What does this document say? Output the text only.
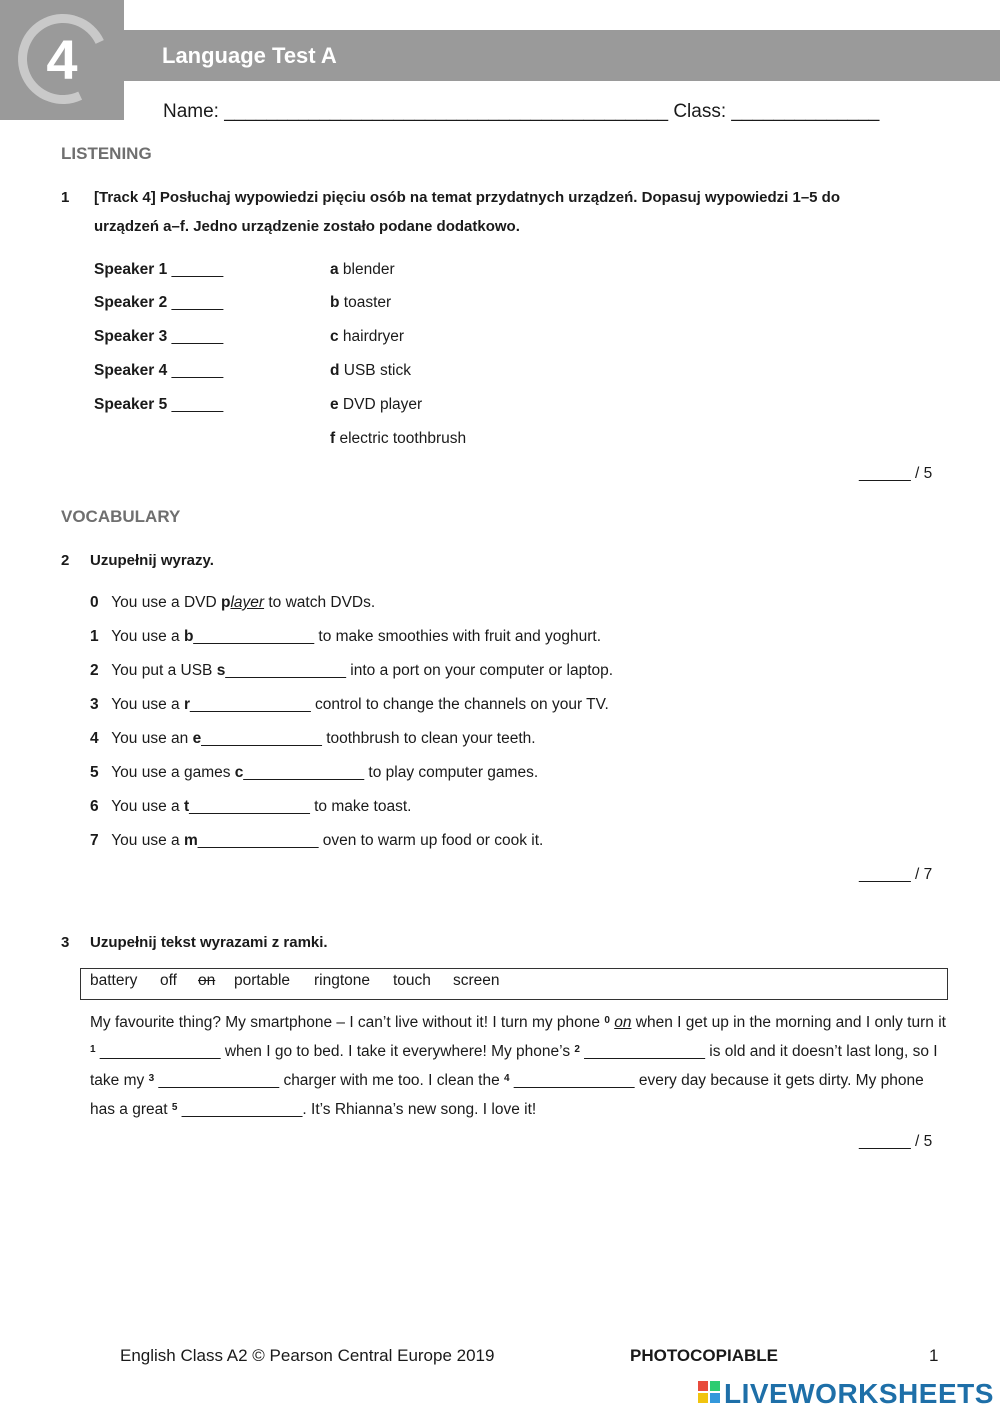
4	Language Test A
Name: __________________________________________ Class: ______________
LISTENING
1 [Track 4] Posłuchaj wypowiedzi pięciu osób na temat przydatnych urządzeń. Dopasuj wypowiedzi 1–5 do
urządzeń a–f. Jedno urządzenie zostało podane dodatkowo.
Speaker 1 ______
Speaker 2 ______
Speaker 3 ______
Speaker 4 ______
Speaker 5 ______
a blender
b toaster
c hairdryer
d USB stick
e DVD player
f electric toothbrush
______ / 5
VOCABULARY
2 Uzupełnij wyrazy.
0 You use a DVD player to watch DVDs.
1 You use a b______________ to make smoothies with fruit and yoghurt.
2 You put a USB s______________ into a port on your computer or laptop.
3 You use a r______________ control to change the channels on your TV.
4 You use an e______________ toothbrush to clean your teeth.
5 You use a games c______________ to play computer games.
6 You use a t______________ to make toast.
7 You use a m______________ oven to warm up food or cook it.
______ / 7
3 Uzupełnij tekst wyrazami z ramki.
battery off on portable ringtone touch screen
My favourite thing? My smartphone – I can’t live without it! I turn my phone $^0$ on when I get up in the morning and I only turn it $^1$ ______________ when I go to bed. I take it everywhere! My phone’s $^2$ ______________ is old and it doesn’t last long, so I take my $^3$ ______________ charger with me too. I clean the $^4$ ______________ every day because it gets dirty. My phone has a great $^5$ ______________. It’s Rhianna’s new song. I love it!
______ / 5
English Class A2 © Pearson Central Europe 2019	PHOTOCOPIABLE	1
LIVEWORKSHEETS
